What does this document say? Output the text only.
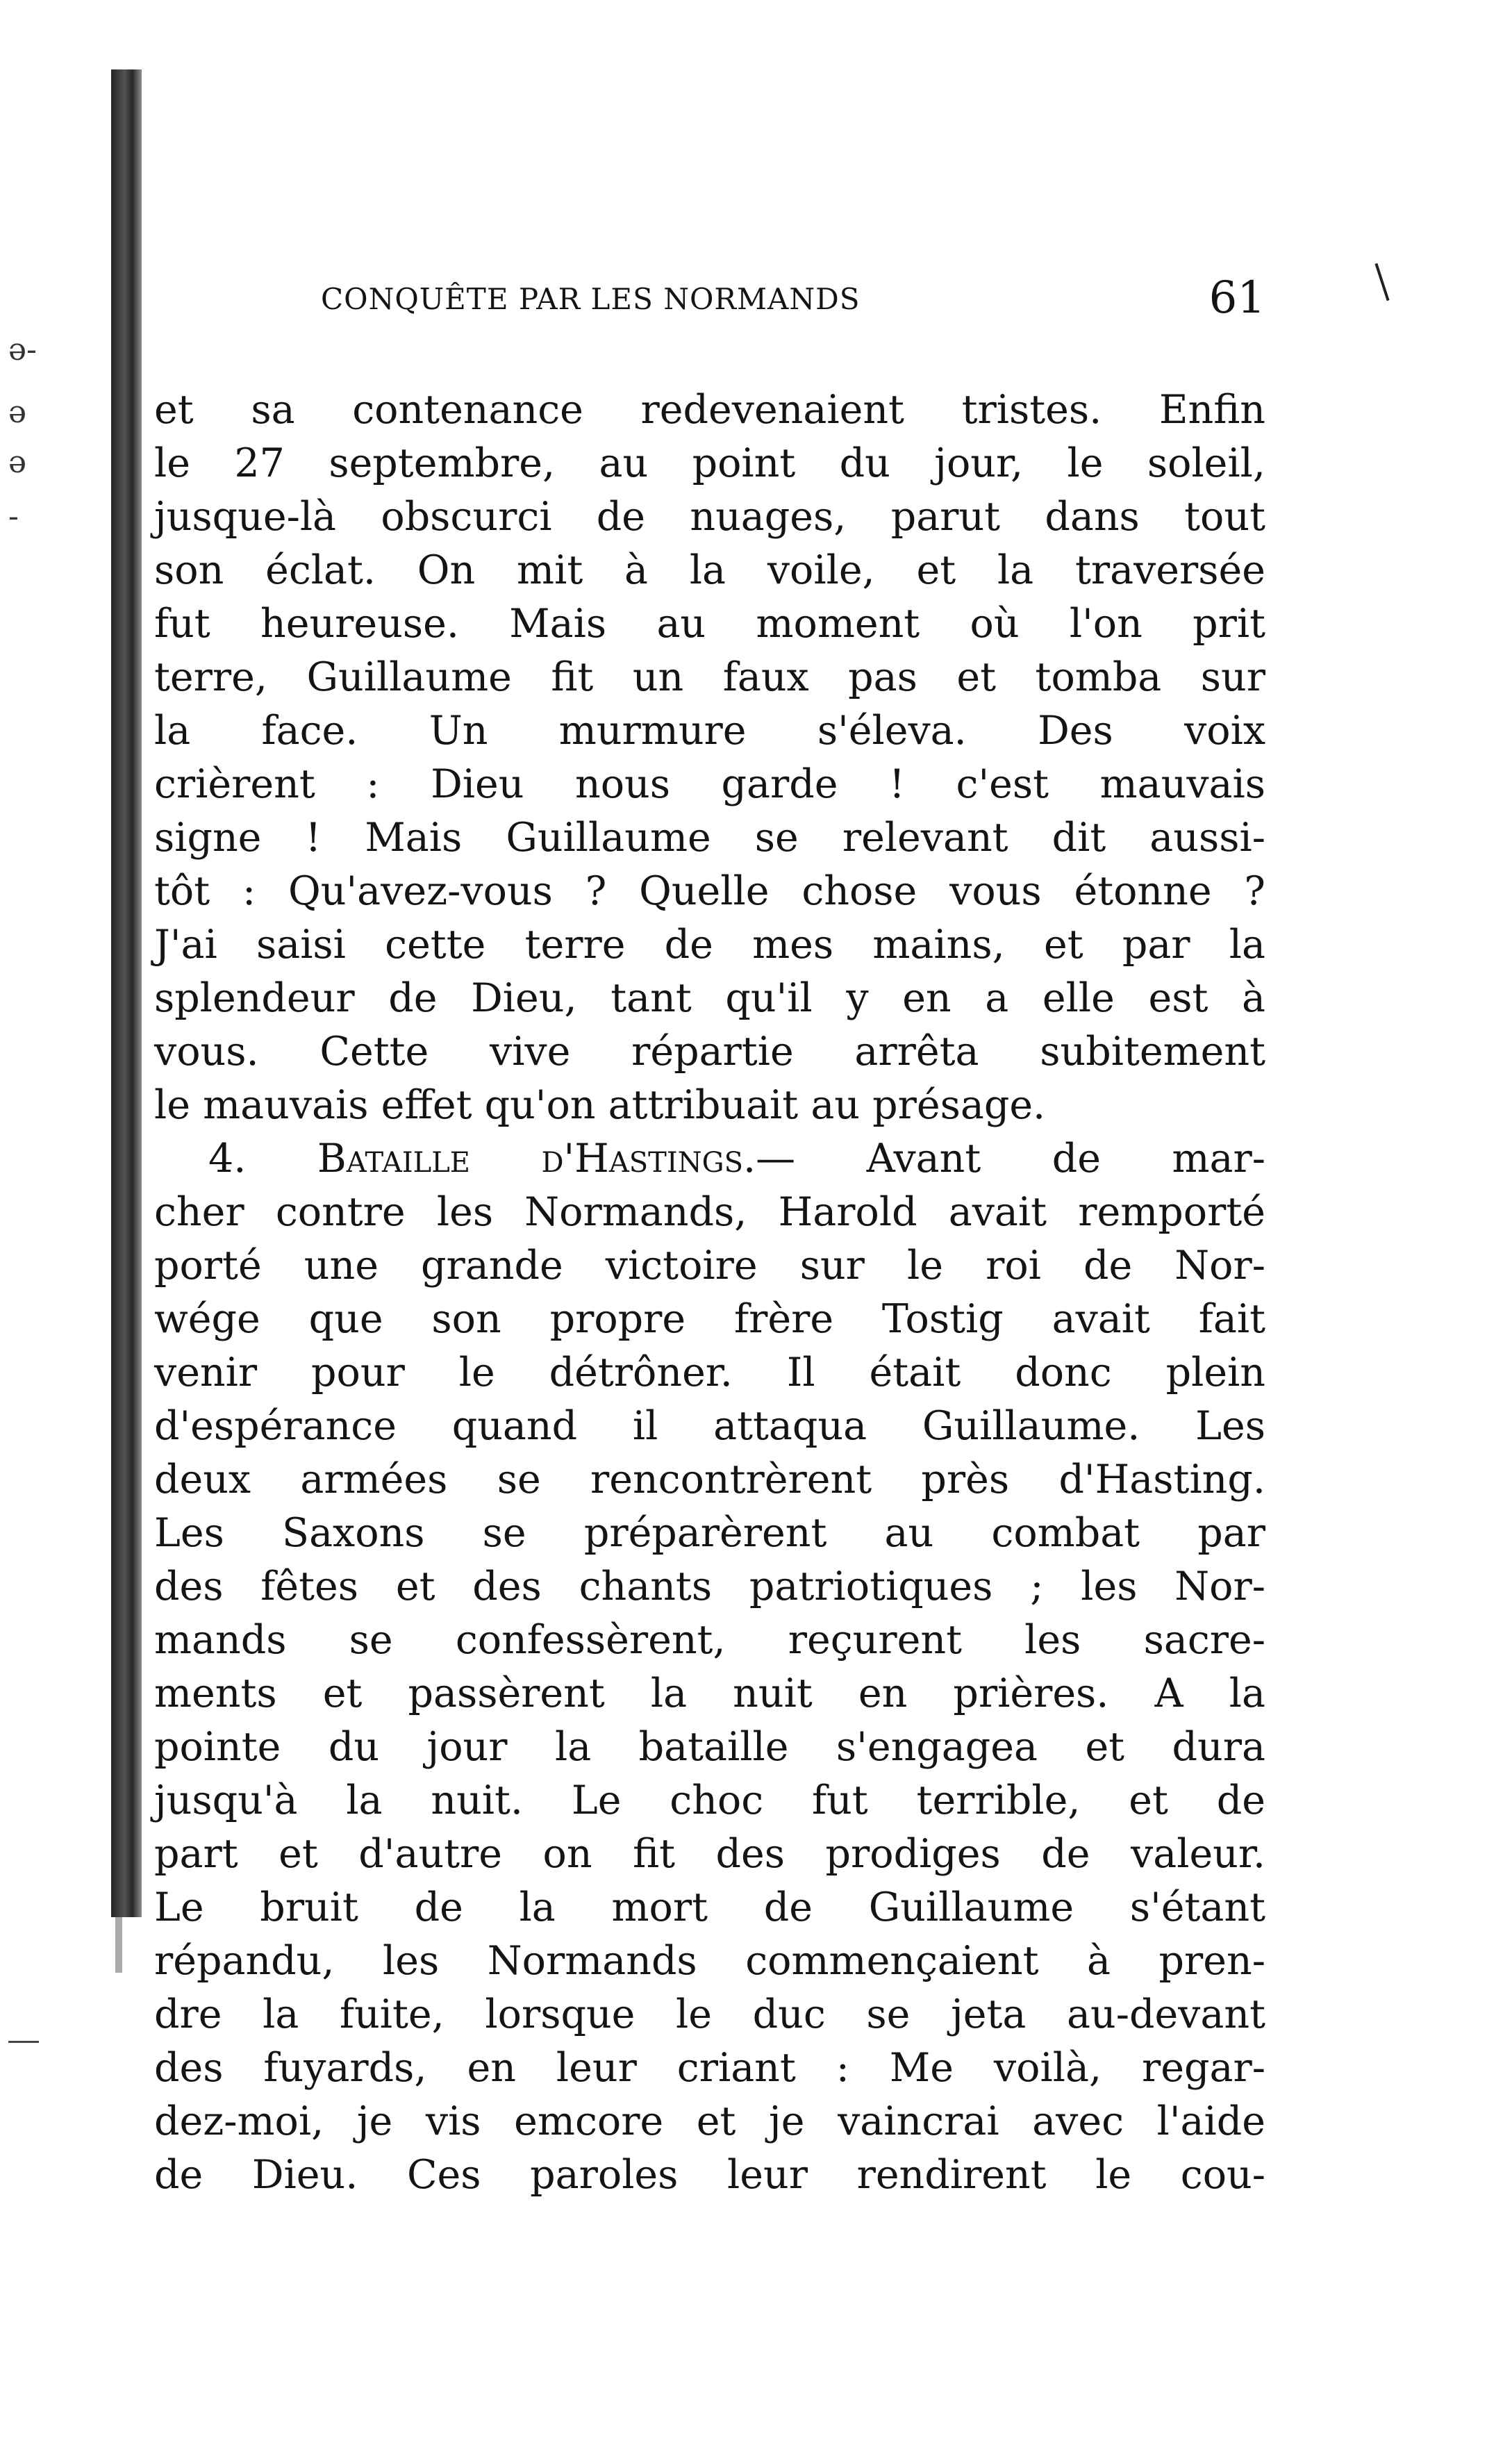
ə-
ə
ə
-
CONQUÊTE PAR LES NORMANDS	61
et sa contenance redevenaient tristes. Enfin
le 27 septembre, au point du jour, le soleil,
jusque-là obscurci de nuages, parut dans tout
son éclat. On mit à la voile, et la traversée
fut heureuse. Mais au moment où l'on prit
terre, Guillaume fit un faux pas et tomba sur
la face. Un murmure s'éleva. Des voix
crièrent : Dieu nous garde ! c'est mauvais
signe ! Mais Guillaume se relevant dit aussi-
tôt : Qu'avez-vous ? Quelle chose vous étonne ?
J'ai saisi cette terre de mes mains, et par la
splendeur de Dieu, tant qu'il y en a elle est à
vous. Cette vive répartie arrêta subitement
le mauvais effet qu'on attribuait au présage.
4. Bataille d'Hastings.— Avant de mar-
cher contre les Normands, Harold avait remporté
porté une grande victoire sur le roi de Nor-
wége que son propre frère Tostig avait fait
venir pour le détrôner. Il était donc plein
d'espérance quand il attaqua Guillaume. Les
deux armées se rencontrèrent près d'Hasting.
Les Saxons se préparèrent au combat par
des fêtes et des chants patriotiques ; les Nor-
mands se confessèrent, reçurent les sacre-
ments et passèrent la nuit en prières. A la
pointe du jour la bataille s'engagea et dura
jusqu'à la nuit. Le choc fut terrible, et de
part et d'autre on fit des prodiges de valeur.
Le bruit de la mort de Guillaume s'étant
répandu, les Normands commençaient à pren-
dre la fuite, lorsque le duc se jeta au-devant
des fuyards, en leur criant : Me voilà, regar-
dez-moi, je vis emcore et je vaincrai avec l'aide
de Dieu. Ces paroles leur rendirent le cou-
